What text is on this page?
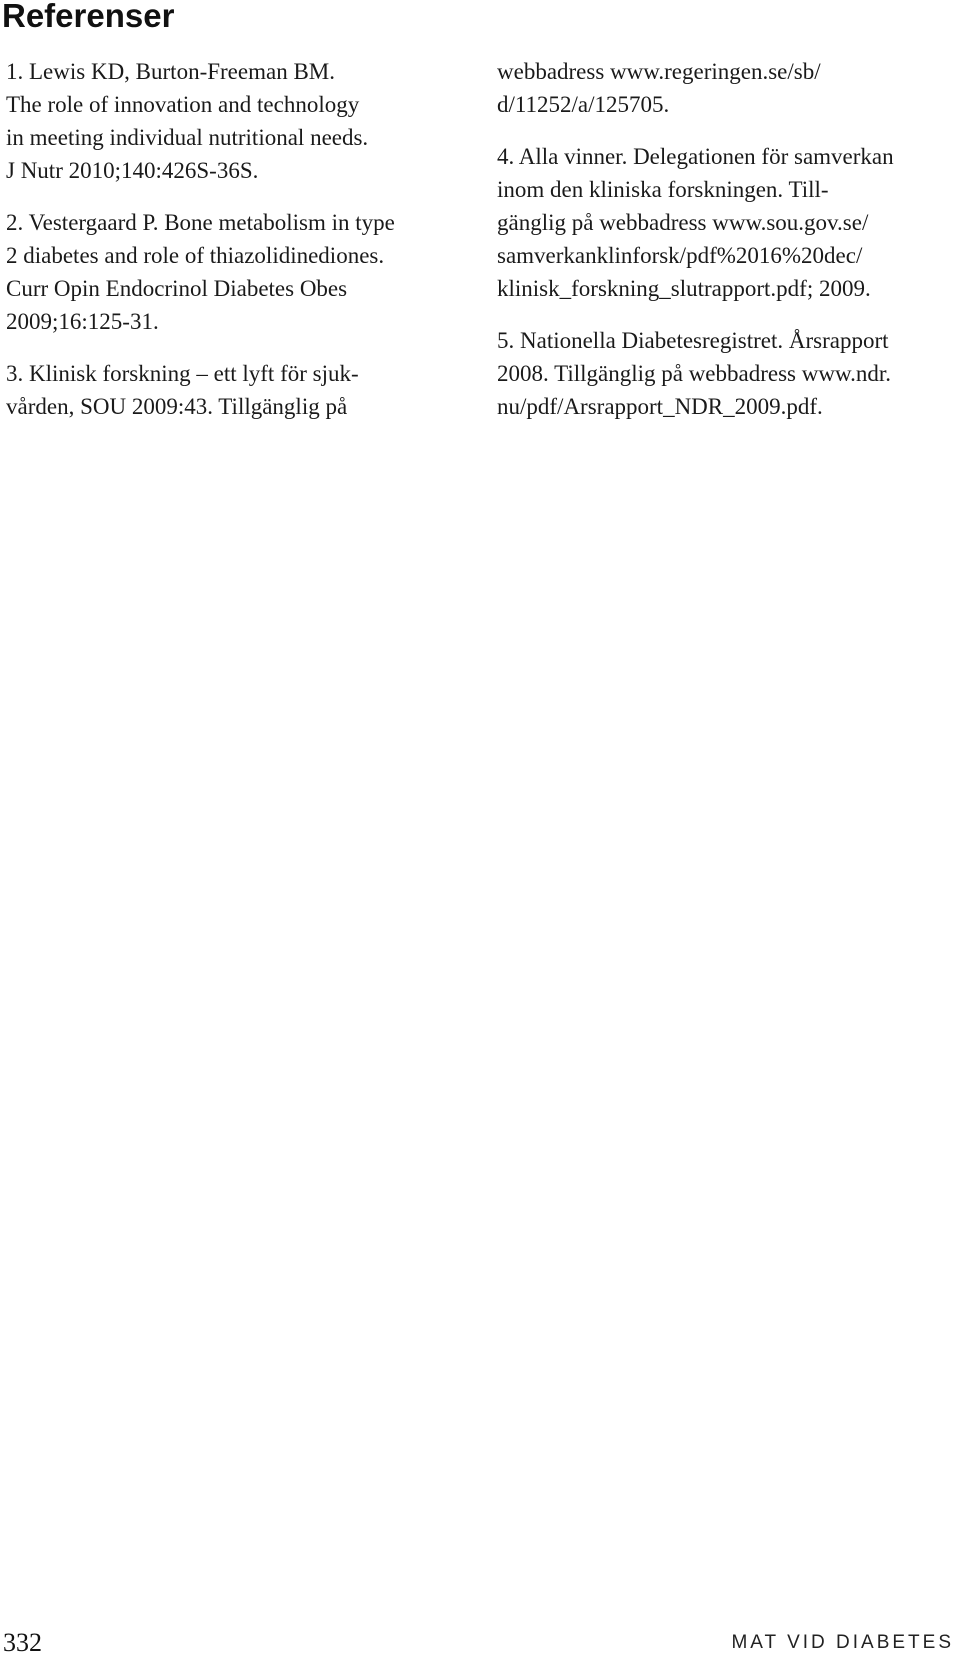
Referenser

1. Lewis KD, Burton-Freeman BM.
The role of innovation and technology
in meeting individual nutritional needs.
J Nutr 2010;140:426S-36S.

2. Vestergaard P. Bone metabolism in type
2 diabetes and role of thiazolidinediones.
Curr Opin Endocrinol Diabetes Obes
2009;16:125-31.

3. Klinisk forskning – ett lyft för sjuk-
vården, SOU 2009:43. Tillgänglig på

webbadress www.regeringen.se/sb/
d/11252/a/125705.

4. Alla vinner. Delegationen för samverkan
inom den kliniska forskningen. Till-
gänglig på webbadress www.sou.gov.se/
samverkanklinforsk/pdf%2016%20dec/
klinisk_forskning_slutrapport.pdf; 2009.

5. Nationella Diabetesregistret. Årsrapport
2008. Tillgänglig på webbadress www.ndr.
nu/pdf/Arsrapport_NDR_2009.pdf.

332	MAT VID DIABETES
